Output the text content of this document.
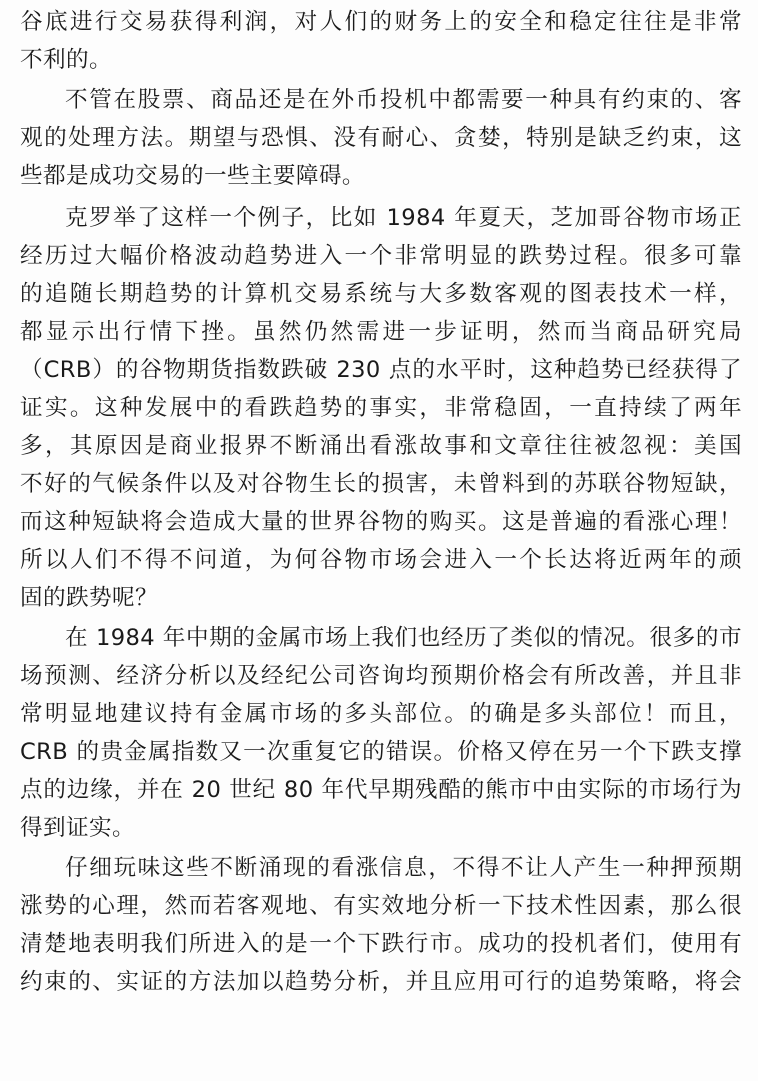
谷底进行交易获得利润，对人们的财务上的安全和稳定往往是非常
不利的。
不管在股票、商品还是在外币投机中都需要一种具有约束的、客
观的处理方法。期望与恐惧、没有耐心、贪婪，特别是缺乏约束，这
些都是成功交易的一些主要障碍。
克罗举了这样一个例子，比如 1984 年夏天，芝加哥谷物市场正
经历过大幅价格波动趋势进入一个非常明显的跌势过程。很多可靠
的追随长期趋势的计算机交易系统与大多数客观的图表技术一样，
都显示出行情下挫。虽然仍然需进一步证明，然而当商品研究局
（CRB）的谷物期货指数跌破 230 点的水平时，这种趋势已经获得了
证实。这种发展中的看跌趋势的事实，非常稳固，一直持续了两年
多，其原因是商业报界不断涌出看涨故事和文章往往被忽视：美国
不好的气候条件以及对谷物生长的损害，未曾料到的苏联谷物短缺，
而这种短缺将会造成大量的世界谷物的购买。这是普遍的看涨心理！
所以人们不得不问道，为何谷物市场会进入一个长达将近两年的顽
固的跌势呢？
在 1984 年中期的金属市场上我们也经历了类似的情况。很多的市
场预测、经济分析以及经纪公司咨询均预期价格会有所改善，并且非
常明显地建议持有金属市场的多头部位。的确是多头部位！而且，
CRB 的贵金属指数又一次重复它的错误。价格又停在另一个下跌支撑
点的边缘，并在 20 世纪 80 年代早期残酷的熊市中由实际的市场行为
得到证实。
仔细玩味这些不断涌现的看涨信息，不得不让人产生一种押预期
涨势的心理，然而若客观地、有实效地分析一下技术性因素，那么很
清楚地表明我们所进入的是一个下跌行市。成功的投机者们，使用有
约束的、实证的方法加以趋势分析，并且应用可行的追势策略，将会
